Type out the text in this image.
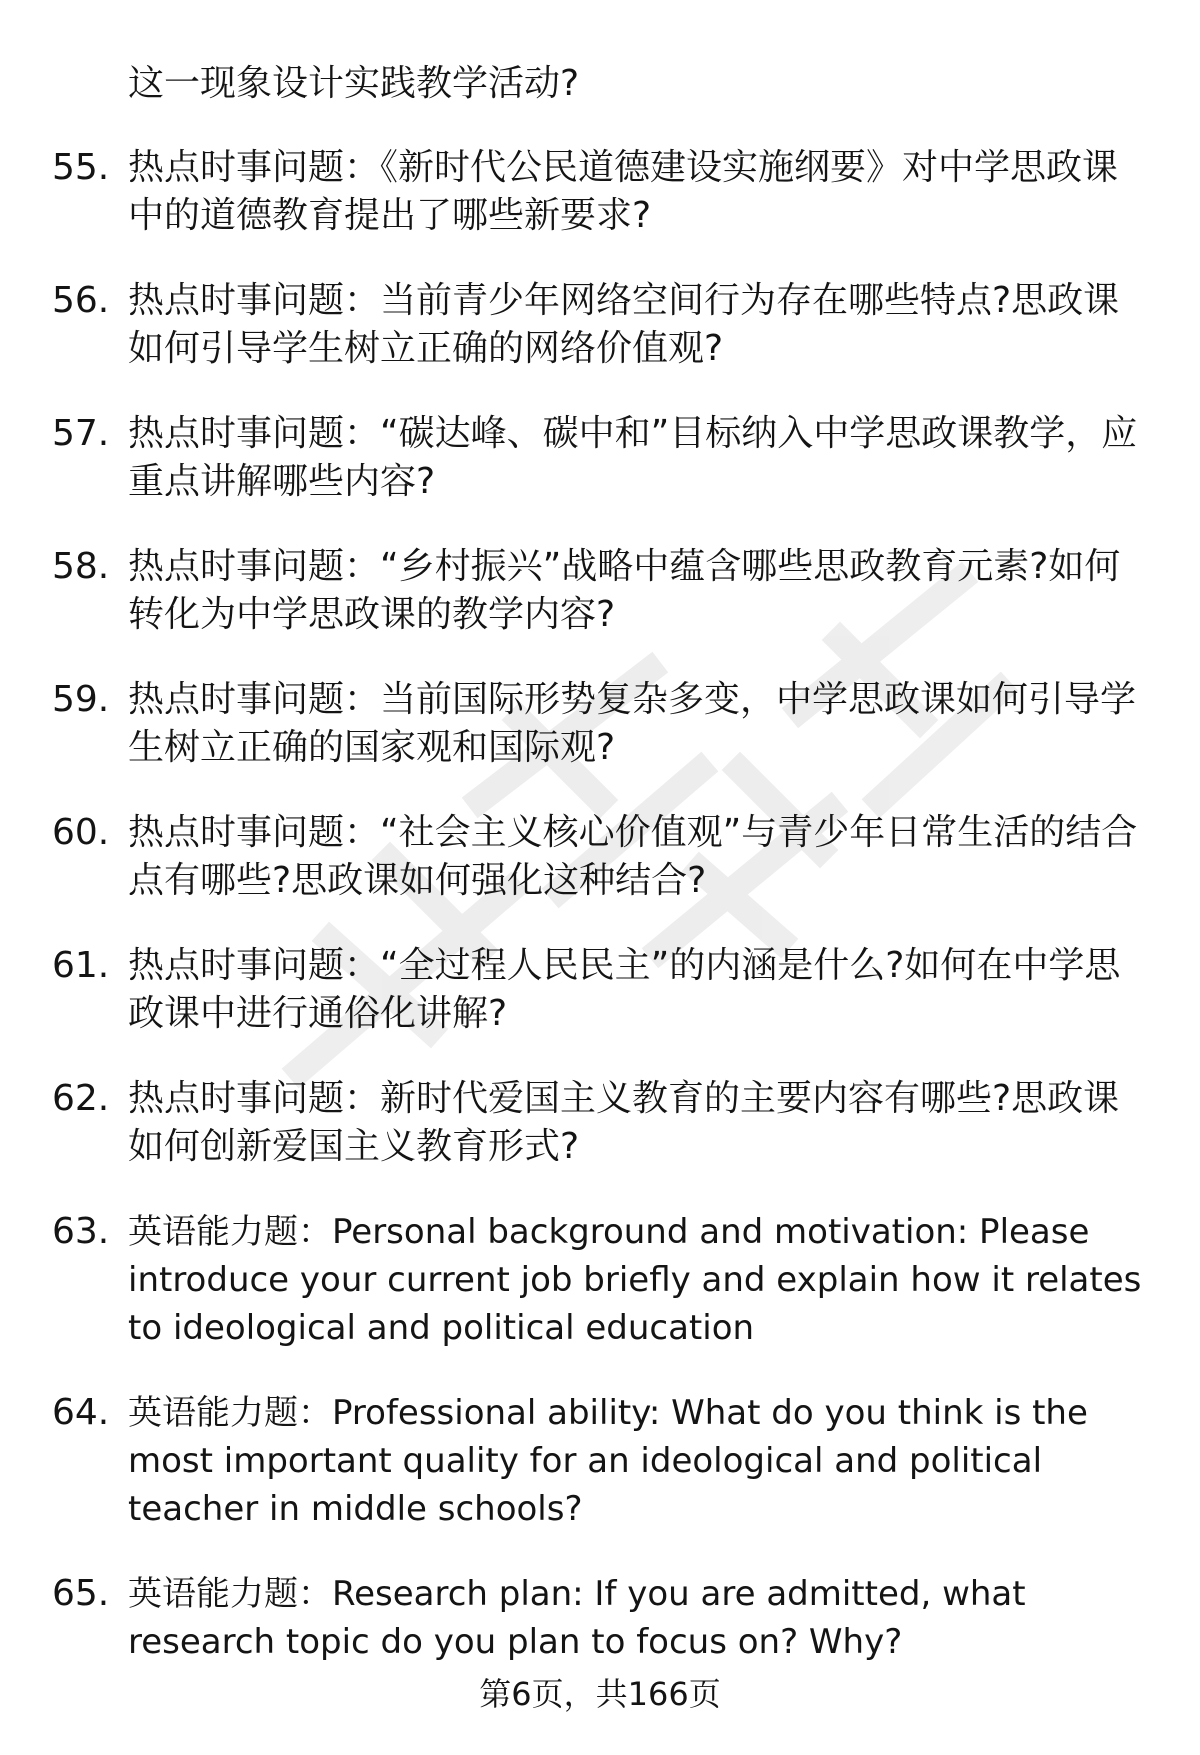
这一现象设计实践教学活动?
55. 热点时事问题：《新时代公民道德建设实施纲要》对中学思政课中的道德教育提出了哪些新要求?
56. 热点时事问题：当前青少年网络空间行为存在哪些特点?思政课如何引导学生树立正确的网络价值观?
57. 热点时事问题：“碳达峰、碳中和”目标纳入中学思政课教学，应重点讲解哪些内容?
58. 热点时事问题：“乡村振兴”战略中蕴含哪些思政教育元素?如何转化为中学思政课的教学内容?
59. 热点时事问题：当前国际形势复杂多变，中学思政课如何引导学生树立正确的国家观和国际观?
60. 热点时事问题：“社会主义核心价值观”与青少年日常生活的结合点有哪些?思政课如何强化这种结合?
61. 热点时事问题：“全过程人民民主”的内涵是什么?如何在中学思政课中进行通俗化讲解?
62. 热点时事问题：新时代爱国主义教育的主要内容有哪些?思政课如何创新爱国主义教育形式?
63. 英语能力题：Personal background and motivation: Please introduce your current job briefly and explain how it relates to ideological and political education
64. 英语能力题：Professional ability: What do you think is the most important quality for an ideological and political teacher in middle schools?
65. 英语能力题：Research plan: If you are admitted, what research topic do you plan to focus on? Why?
第6页，共166页
